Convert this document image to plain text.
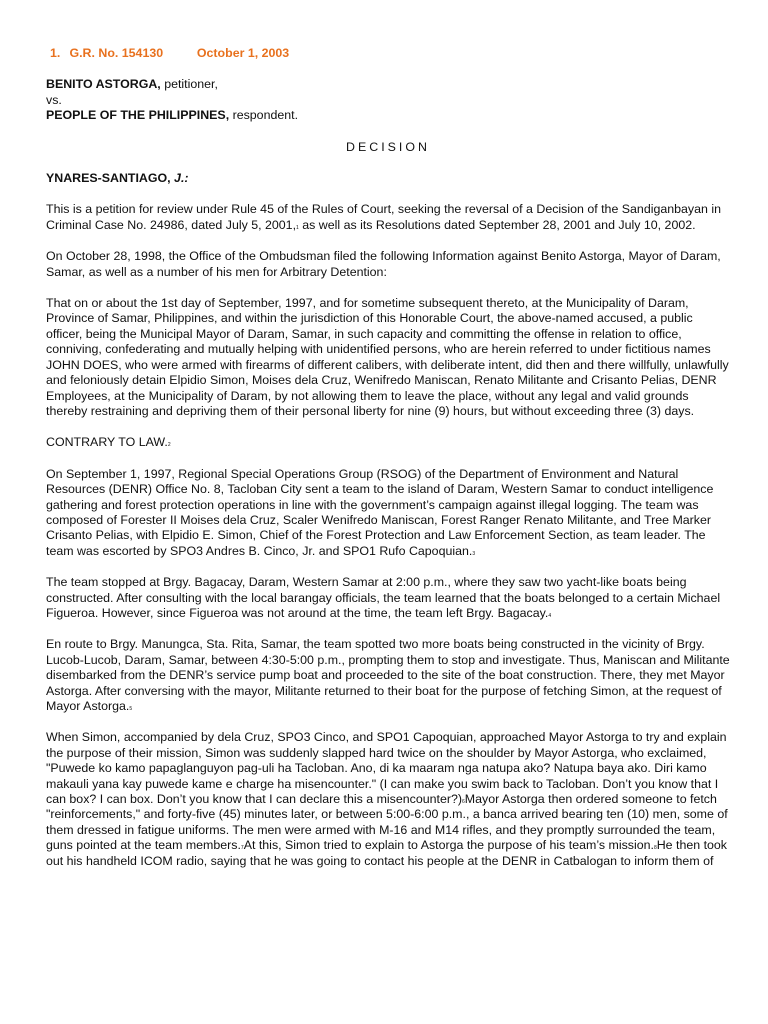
1. G.R. No. 154130	October 1, 2003
BENITO ASTORGA, petitioner,
vs.
PEOPLE OF THE PHILIPPINES, respondent.
DECISION
YNARES-SANTIAGO, J.:

This is a petition for review under Rule 45 of the Rules of Court, seeking the reversal of a Decision of the Sandiganbayan in Criminal Case No. 24986, dated July 5, 2001,1 as well as its Resolutions dated September 28, 2001 and July 10, 2002.

On October 28, 1998, the Office of the Ombudsman filed the following Information against Benito Astorga, Mayor of Daram, Samar, as well as a number of his men for Arbitrary Detention:

That on or about the 1st day of September, 1997, and for sometime subsequent thereto, at the Municipality of Daram, Province of Samar, Philippines, and within the jurisdiction of this Honorable Court, the above-named accused, a public officer, being the Municipal Mayor of Daram, Samar, in such capacity and committing the offense in relation to office, conniving, confederating and mutually helping with unidentified persons, who are herein referred to under fictitious names JOHN DOES, who were armed with firearms of different calibers, with deliberate intent, did then and there willfully, unlawfully and feloniously detain Elpidio Simon, Moises dela Cruz, Wenifredo Maniscan, Renato Militante and Crisanto Pelias, DENR Employees, at the Municipality of Daram, by not allowing them to leave the place, without any legal and valid grounds thereby restraining and depriving them of their personal liberty for nine (9) hours, but without exceeding three (3) days.

CONTRARY TO LAW.2

On September 1, 1997, Regional Special Operations Group (RSOG) of the Department of Environment and Natural Resources (DENR) Office No. 8, Tacloban City sent a team to the island of Daram, Western Samar to conduct intelligence gathering and forest protection operations in line with the government’s campaign against illegal logging. The team was composed of Forester II Moises dela Cruz, Scaler Wenifredo Maniscan, Forest Ranger Renato Militante, and Tree Marker Crisanto Pelias, with Elpidio E. Simon, Chief of the Forest Protection and Law Enforcement Section, as team leader. The team was escorted by SPO3 Andres B. Cinco, Jr. and SPO1 Rufo Capoquian.3

The team stopped at Brgy. Bagacay, Daram, Western Samar at 2:00 p.m., where they saw two yacht-like boats being constructed. After consulting with the local barangay officials, the team learned that the boats belonged to a certain Michael Figueroa. However, since Figueroa was not around at the time, the team left Brgy. Bagacay.4

En route to Brgy. Manungca, Sta. Rita, Samar, the team spotted two more boats being constructed in the vicinity of Brgy. Lucob-Lucob, Daram, Samar, between 4:30-5:00 p.m., prompting them to stop and investigate. Thus, Maniscan and Militante disembarked from the DENR’s service pump boat and proceeded to the site of the boat construction. There, they met Mayor Astorga. After conversing with the mayor, Militante returned to their boat for the purpose of fetching Simon, at the request of Mayor Astorga.5

When Simon, accompanied by dela Cruz, SPO3 Cinco, and SPO1 Capoquian, approached Mayor Astorga to try and explain the purpose of their mission, Simon was suddenly slapped hard twice on the shoulder by Mayor Astorga, who exclaimed, "Puwede ko kamo papaglanguyon pag-uli ha Tacloban. Ano, di ka maaram nga natupa ako? Natupa baya ako. Diri kamo makauli yana kay puwede kame e charge ha misencounter." (I can make you swim back to Tacloban. Don’t you know that I can box? I can box. Don’t you know that I can declare this a misencounter?)6Mayor Astorga then ordered someone to fetch "reinforcements," and forty-five (45) minutes later, or between 5:00-6:00 p.m., a banca arrived bearing ten (10) men, some of them dressed in fatigue uniforms. The men were armed with M-16 and M14 rifles, and they promptly surrounded the team, guns pointed at the team members.7At this, Simon tried to explain to Astorga the purpose of his team’s mission.8He then took out his handheld ICOM radio, saying that he was going to contact his people at the DENR in Catbalogan to inform them of
